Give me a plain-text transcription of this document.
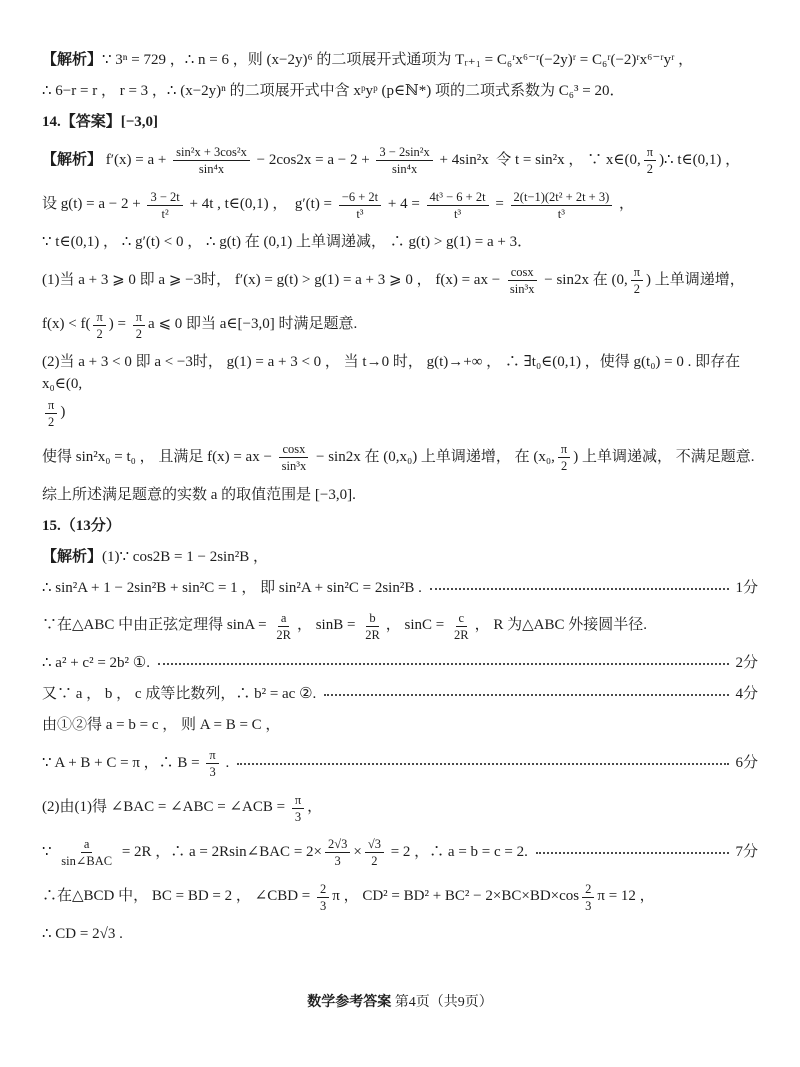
【解析】 ∵ 3ⁿ = 729 ，∴ n = 6 ，则 (x−2y)⁶ 的二项展开式通项为 Tᵣ₊₁ = C₆ʳx⁶⁻ʳ(−2y)ʳ = C₆ʳ(−2)ʳx⁶⁻ʳyʳ ，
∴ 6−r = r ， r = 3 ，∴ (x−2y)ⁿ 的二项展开式中含 xᵖyᵖ (p∈ℕ*) 项的二项式系数为 C₆³ = 20．
14.【答案】[−3,0]
【解析】 $f'(x) = a + \frac{\text{sin²x + 3cos²x}}{\text{sin⁴x}} - 2\cos 2x = a - 2 + \frac{\text{3 − 2sin²x}}{\text{sin⁴x}} + 4\sin^2x$  令 t = sin²x ， ∵ x∈(0, $\frac{\pi}{2}$ )∴ t∈(0,1) ，
设 $g(t) = a - 2 + \frac{3 - 2t}{\text{t²}} + 4t$ , t∈(0,1) ，  $g'(t) = \frac{-6 + 2t}{\text{t³}} + 4 = \frac{\text{4t³ − 6 + 2t}}{\text{t³}} = \frac{\text{2(t−1)(2t² + 2t + 3)}}{\text{t³}}$ ，
∵ t∈(0,1) ， ∴ g′(t) < 0 ， ∴ g(t) 在 (0,1) 上单调递减， ∴ g(t) > g(1) = a + 3．
(1)当 a + 3 ⩾ 0 即 a ⩾ −3时， f′(x) = g(t) > g(1) = a + 3 ⩾ 0 ， f(x) = ax − $\frac{\cos x}{\text{sin³x}} - \sin 2x$ 在 (0, $\frac{\pi}{2}$ ) 上单调递增，
$f(x) < f( \frac{\pi}{2}$ ) = $\frac{\pi}{2}$ a ⩽ 0 即当 a∈[−3,0] 时满足题意.
(2)当 a + 3 < 0 即 a < −3时， g(1) = a + 3 < 0 ， 当 t→0 时， g(t)→+∞ ， ∴ ∃t₀∈(0,1) ，使得 g(t₀) = 0 . 即存在 x₀∈(0,
$\frac{\pi}{2}$ )
使得 sin²x₀ = t₀ ， 且满足 f(x) = ax − $\frac{\cos x}{\text{sin³x}} - \sin 2x$ 在 (0,x₀) 上单调递增， 在 (x₀, $\frac{\pi}{2}$ ) 上单调递减， 不满足题意.
综上所述满足题意的实数 a 的取值范围是 [−3,0].
15.（13分）
【解析】 (1)∵ cos2B = 1 − 2sin²B ，
∴ sin²A + 1 − 2sin²B + sin²C = 1 ， 即 sin²A + sin²C = 2sin²B .	1分
∵在△ABC 中由正弦定理得 $\sin A = \frac{a}{2R}$ ， $\sin B = \frac{b}{2R}$ ， $\sin C = \frac{c}{2R}$ ， R 为△ABC 外接圆半径.
∴ a² + c² = 2b² ①.	2分
又∵ a ， b ， c 成等比数列，∴ b² = ac ②.	4分
由①②得 a = b = c ， 则 A = B = C ，
∵ A + B + C = π ，∴ $B = \frac{\pi}{3}$ .	6分
(2)由(1)得 ∠BAC = ∠ABC = ∠ACB = $\frac{\pi}{3}$ ，
∵ $\frac{a}{\text{sin∠BAC}} = 2R$ ，∴ a = 2Rsin∠BAC = $2\times \frac{2√3}{3} \times \frac{√3}{2} = 2$ ，∴ a = b = c = 2.	7分
∴在△BCD 中， BC = BD = 2 ， ∠CBD = $\frac{2}{3}$ π ， $CD^2 = BD^2 + BC^2 - 2\times BC\times BD\times\cos \frac{2}{3}$ π = 12 ，
∴ CD = 2√3 .
数学参考答案 第4页（共9页）
